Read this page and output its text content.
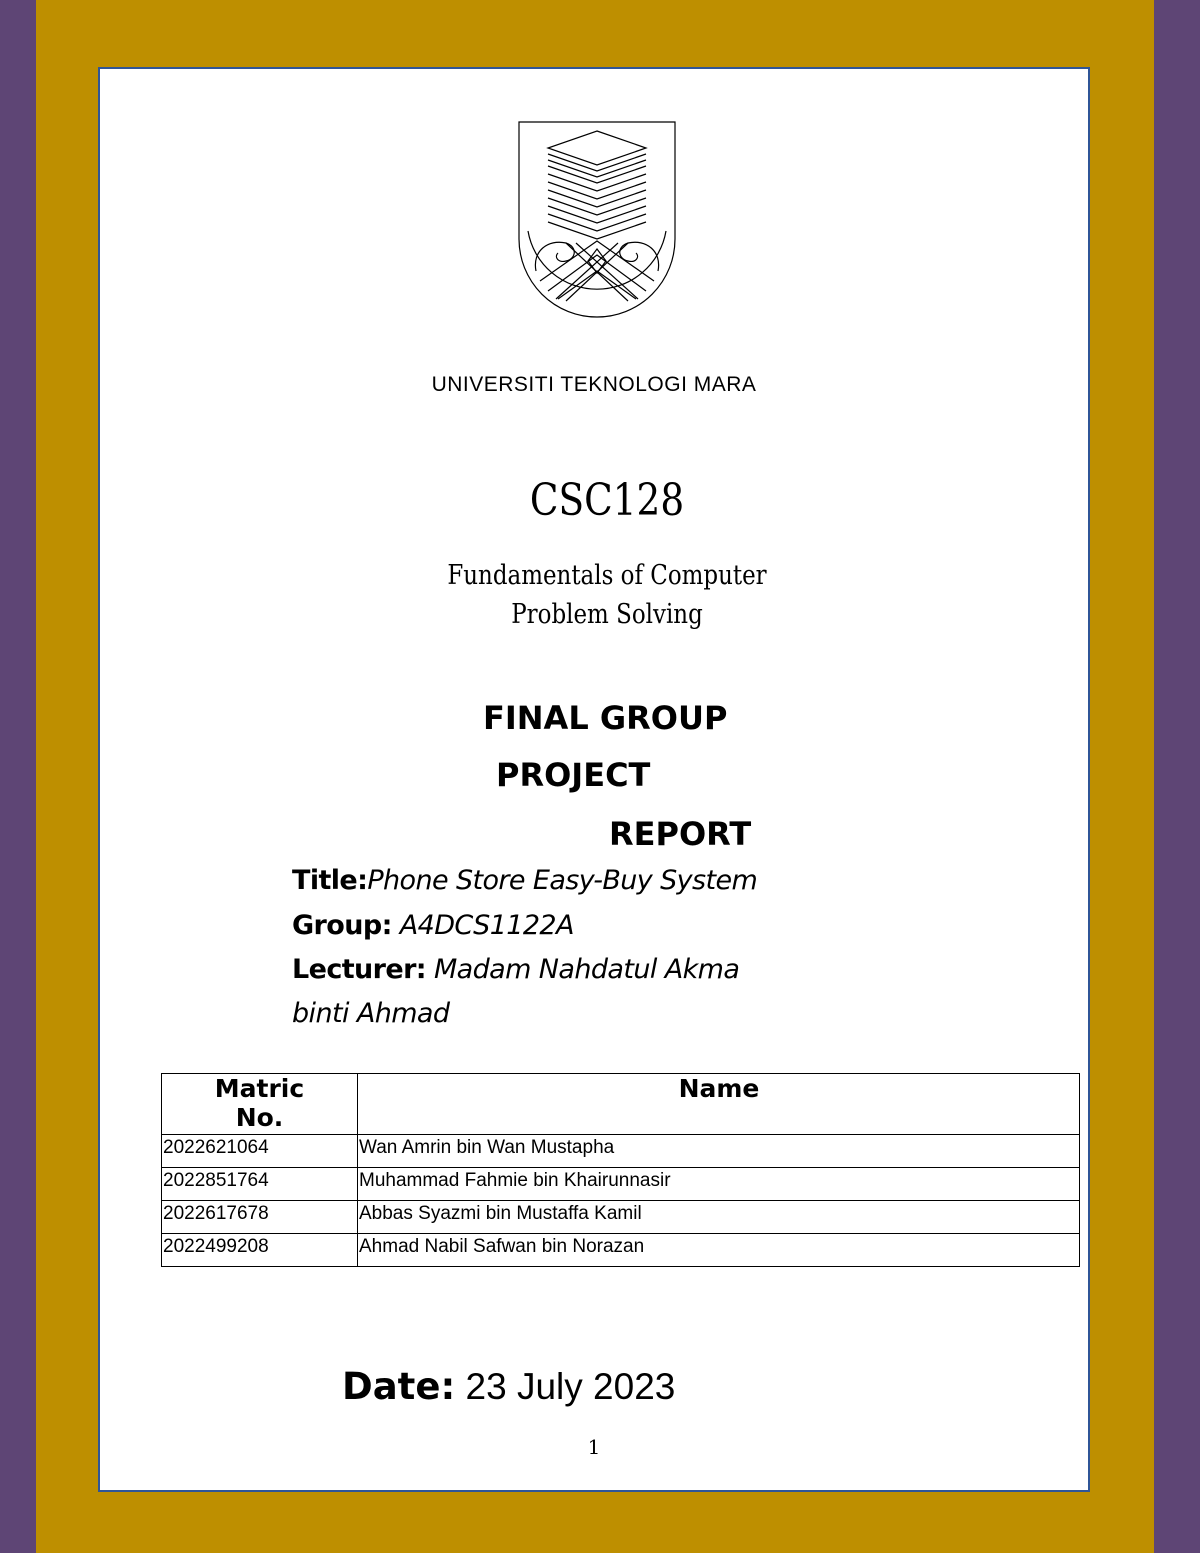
UNIVERSITI TEKNOLOGI MARA
CSC128
Fundamentals of Computer
Problem Solving
FINAL GROUP
PROJECT
REPORT
Title:Phone Store Easy-Buy System
Group: A4DCS1122A
Lecturer: Madam Nahdatul Akma
binti Ahmad
Matric No.	Name
2022621064	Wan Amrin bin Wan Mustapha
2022851764	Muhammad Fahmie bin Khairunnasir
2022617678	Abbas Syazmi bin Mustaffa Kamil
2022499208	Ahmad Nabil Safwan bin Norazan
Date: 23 July 2023
1
